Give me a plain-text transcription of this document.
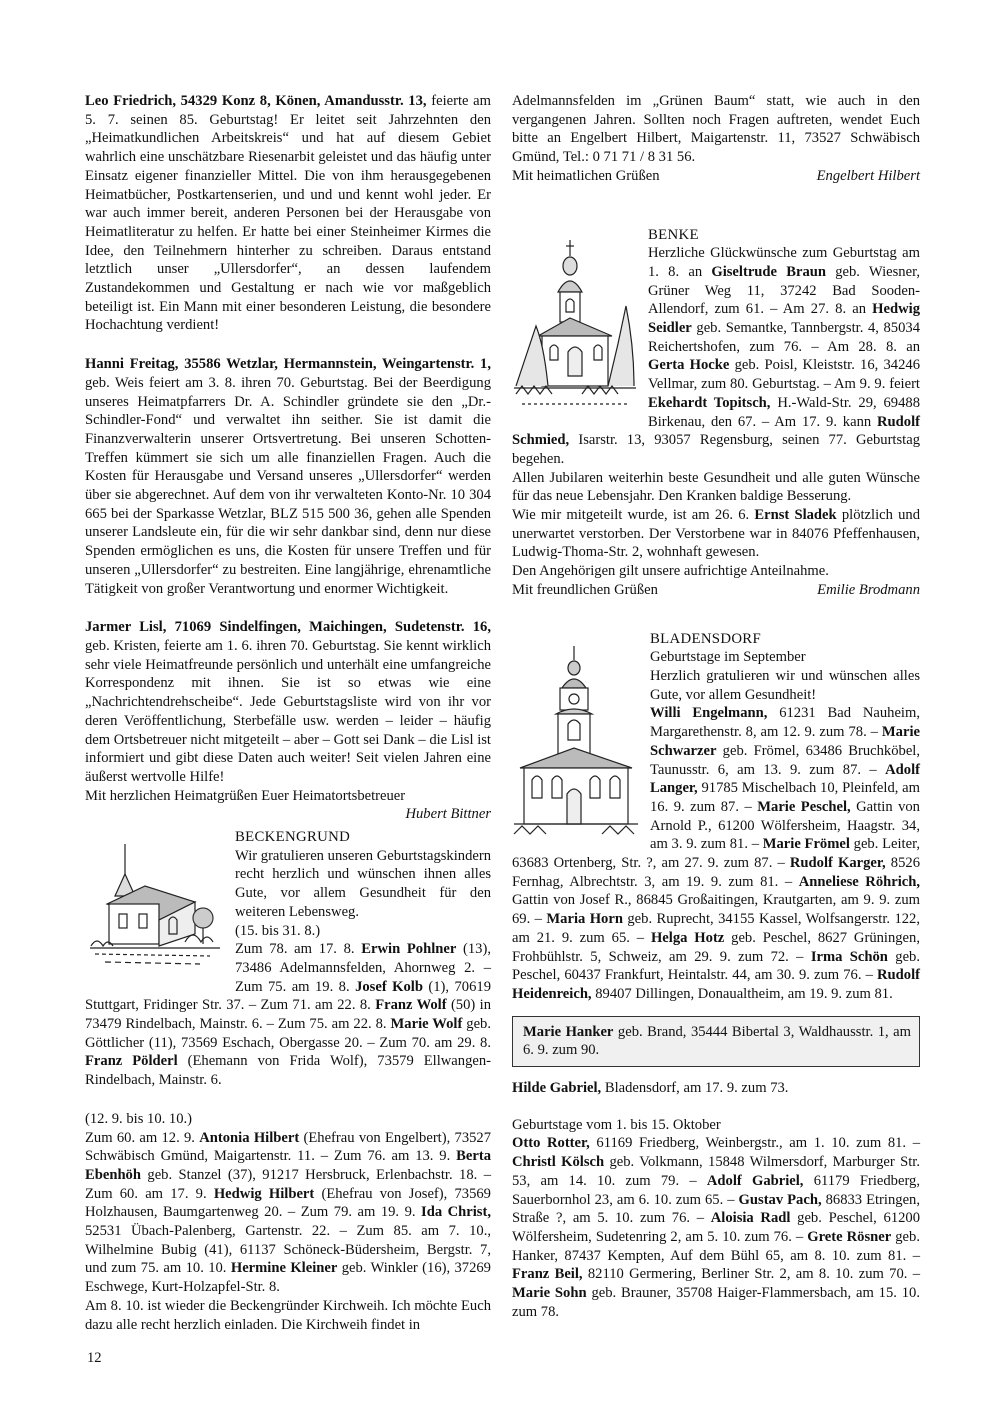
Leo Friedrich, 54329 Konz 8, Könen, Amandusstr. 13, feierte am 5. 7. seinen 85. Geburtstag! Er leitet seit Jahrzehnten den „Heimatkundlichen Arbeitskreis“ und hat auf diesem Gebiet wahrlich eine unschätzbare Riesenarbit geleistet und das häufig unter Einsatz eigener finanzieller Mittel. Die von ihm herausgegebenen Heimatbücher, Postkartenserien, und und und kennt wohl jeder. Er war auch immer bereit, anderen Personen bei der Herausgabe von Heimatliteratur zu helfen. Er hatte bei einer Steinheimer Kirmes die Idee, den Teilnehmern hinterher zu schreiben. Daraus entstand letztlich unser „Ullersdorfer“, an dessen laufendem Zustandekommen und Gestaltung er nach wie vor maßgeblich beteiligt ist. Ein Mann mit einer besonderen Leistung, die besondere Hochachtung verdient!

Hanni Freitag, 35586 Wetzlar, Hermannstein, Weingartenstr. 1, geb. Weis feiert am 3. 8. ihren 70. Geburtstag. Bei der Beerdigung unseres Heimatpfarrers Dr. A. Schindler gründete sie den „Dr.-Schindler-Fond“ und verwaltet ihn seither. Sie ist damit die Finanzverwalterin unserer Ortsvertretung. Bei unseren Schotten-Treffen kümmert sie sich um alle finanziellen Fragen. Auch die Kosten für Herausgabe und Versand unseres „Ullersdorfer“ werden über sie abgerechnet. Auf dem von ihr verwalteten Konto-Nr. 10 304 665 bei der Sparkasse Wetzlar, BLZ 515 500 36, gehen alle Spenden unserer Landsleute ein, für die wir sehr dankbar sind, denn nur diese Spenden ermöglichen es uns, die Kosten für unsere Treffen und für unseren „Ullersdorfer“ zu bestreiten. Eine langjährige, ehrenamtliche Tätigkeit von großer Verantwortung und enormer Wichtigkeit.

Jarmer Lisl, 71069 Sindelfingen, Maichingen, Sudetenstr. 16, geb. Kristen, feierte am 1. 6. ihren 70. Geburtstag. Sie kennt wirklich sehr viele Heimatfreunde persönlich und unterhält eine umfangreiche Korrespondenz mit ihnen. Sie ist so etwas wie eine „Nachrichtendrehscheibe“. Jede Geburtstagsliste wird von ihr vor deren Veröffentlichung, Sterbefälle usw. werden – leider – häufig dem Ortsbetreuer nicht mitgeteilt – aber – Gott sei Dank – die Lisl ist informiert und gibt diese Daten auch weiter! Seit vielen Jahren eine äußerst wertvolle Hilfe!

Mit herzlichen Heimatgrüßen Euer Heimatortsbetreuer

Hubert Bittner

BECKENGRUND

Wir gratulieren unseren Geburtstagskindern recht herzlich und wünschen ihnen alles Gute, vor allem Gesundheit für den weiteren Lebensweg.

(15. bis 31. 8.)

Zum 78. am 17. 8. Erwin Pohlner (13), 73486 Adelmannsfelden, Ahornweg 2. – Zum 75. am 19. 8. Josef Kolb (1), 70619 Stuttgart, Fridinger Str. 37. – Zum 71. am 22. 8. Franz Wolf (50) in 73479 Rindelbach, Mainstr. 6. – Zum 75. am 22. 8. Marie Wolf geb. Göttlicher (11), 73569 Eschach, Obergasse 20. – Zum 70. am 29. 8. Franz Pölderl (Ehemann von Frida Wolf), 73579 Ellwangen-Rindelbach, Mainstr. 6.

(12. 9. bis 10. 10.)

Zum 60. am 12. 9. Antonia Hilbert (Ehefrau von Engelbert), 73527 Schwäbisch Gmünd, Maigartenstr. 11. – Zum 76. am 13. 9. Berta Ebenhöh geb. Stanzel (37), 91217 Hersbruck, Erlenbachstr. 18. – Zum 60. am 17. 9. Hedwig Hilbert (Ehefrau von Josef), 73569 Holzhausen, Baumgartenweg 20. – Zum 79. am 19. 9. Ida Christ, 52531 Übach-Palenberg, Gartenstr. 22. – Zum 85. am 7. 10., Wilhelmine Bubig (41), 61137 Schöneck-Büdersheim, Bergstr. 7, und zum 75. am 10. 10. Hermine Kleiner geb. Winkler (16), 37269 Eschwege, Kurt-Holzapfel-Str. 8.

Am 8. 10. ist wieder die Beckengründer Kirchweih. Ich möchte Euch dazu alle recht herzlich einladen. Die Kirchweih findet in

Adelmannsfelden im „Grünen Baum“ statt, wie auch in den vergangenen Jahren. Sollten noch Fragen auftreten, wendet Euch bitte an Engelbert Hilbert, Maigartenstr. 11, 73527 Schwäbisch Gmünd, Tel.: 0 71 71 / 8 31 56.

Mit heimatlichen Grüßen	Engelbert Hilbert

BENKE

Herzliche Glückwünsche zum Geburtstag am 1. 8. an Giseltrude Braun geb. Wiesner, Grüner Weg 11, 37242 Bad Sooden-Allendorf, zum 61. – Am 27. 8. an Hedwig Seidler geb. Semantke, Tannbergstr. 4, 85034 Reichertshofen, zum 76. – Am 28. 8. an Gerta Hocke geb. Poisl, Kleiststr. 16, 34246 Vellmar, zum 80. Geburtstag. – Am 9. 9. feiert Ekehardt Topitsch, H.-Wald-Str. 29, 69488 Birkenau, den 67. – Am 17. 9. kann Rudolf Schmied, Isarstr. 13, 93057 Regensburg, seinen 77. Geburtstag begehen.

Allen Jubilaren weiterhin beste Gesundheit und alle guten Wünsche für das neue Lebensjahr. Den Kranken baldige Besserung.

Wie mir mitgeteilt wurde, ist am 26. 6. Ernst Sladek plötzlich und unerwartet verstorben. Der Verstorbene war in 84076 Pfeffenhausen, Ludwig-Thoma-Str. 2, wohnhaft gewesen.

Den Angehörigen gilt unsere aufrichtige Anteilnahme.

Mit freundlichen Grüßen	Emilie Brodmann

BLADENSDORF

Geburtstage im September

Herzlich gratulieren wir und wünschen alles Gute, vor allem Gesundheit!

Willi Engelmann, 61231 Bad Nauheim, Margarethenstr. 8, am 12. 9. zum 78. – Marie Schwarzer geb. Frömel, 63486 Bruchköbel, Taunusstr. 6, am 13. 9. zum 87. – Adolf Langer, 91785 Mischelbach 10, Pleinfeld, am 16. 9. zum 87. – Marie Peschel, Gattin von Arnold P., 61200 Wölfersheim, Haagstr. 34, am 3. 9. zum 81. – Marie Frömel geb. Leiter, 63683 Ortenberg, Str. ?, am 27. 9. zum 87. – Rudolf Karger, 8526 Fernhag, Albrechtstr. 3, am 19. 9. zum 81. – Anneliese Röhrich, Gattin von Josef R., 86845 Großaitingen, Krautgarten, am 9. 9. zum 69. – Maria Horn geb. Ruprecht, 34155 Kassel, Wolfsangerstr. 122, am 21. 9. zum 65. – Helga Hotz geb. Peschel, 8627 Grüningen, Frohbühlstr. 5, Schweiz, am 29. 9. zum 72. – Irma Schön geb. Peschel, 60437 Frankfurt, Heintalstr. 44, am 30. 9. zum 76. – Rudolf Heidenreich, 89407 Dillingen, Donaualtheim, am 19. 9. zum 81.

Marie Hanker geb. Brand, 35444 Bibertal 3, Waldhausstr. 1, am 6. 9. zum 90.

Hilde Gabriel, Bladensdorf, am 17. 9. zum 73.

Geburtstage vom 1. bis 15. Oktober

Otto Rotter, 61169 Friedberg, Weinbergstr., am 1. 10. zum 81. – Christl Kölsch geb. Volkmann, 15848 Wilmersdorf, Marburger Str. 53, am 14. 10. zum 79. – Adolf Gabriel, 61179 Friedberg, Sauerbornhol 23, am 6. 10. zum 65. – Gustav Pach, 86833 Etringen, Straße ?, am 5. 10. zum 76. – Aloisia Radl geb. Peschel, 61200 Wölfersheim, Sudetenring 2, am 5. 10. zum 76. – Grete Rösner geb. Hanker, 87437 Kempten, Auf dem Bühl 65, am 8. 10. zum 81. – Franz Beil, 82110 Germering, Berliner Str. 2, am 8. 10. zum 70. – Marie Sohn geb. Brauner, 35708 Haiger-Flammersbach, am 15. 10. zum 78.

12
